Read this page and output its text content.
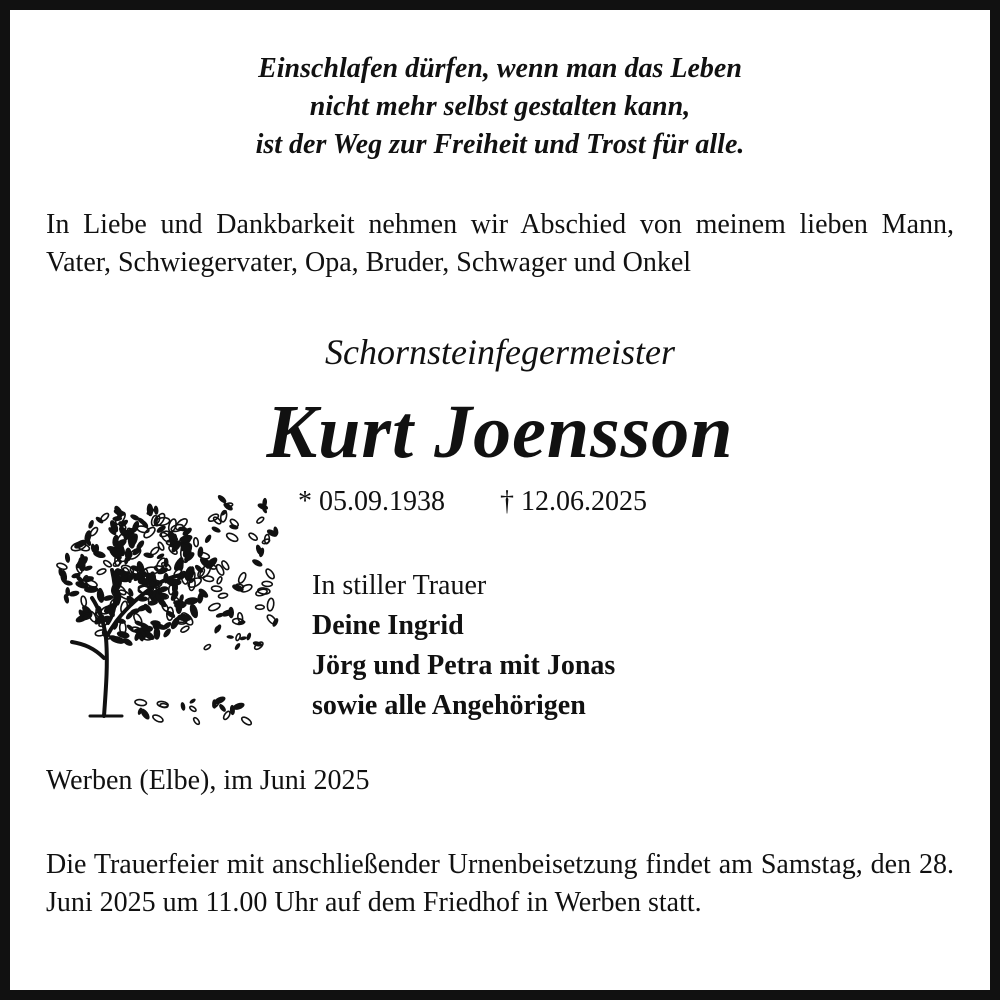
Einschlafen dürfen, wenn man das Leben
nicht mehr selbst gestalten kann,
ist der Weg zur Freiheit und Trost für alle.
In Liebe und Dankbarkeit nehmen wir Abschied von meinem lieben Mann, Vater, Schwiegervater, Opa, Bruder, Schwager und Onkel
Schornsteinfegermeister
Kurt Joensson
* 05.09.1938 † 12.06.2025
In stiller Trauer
Deine Ingrid
Jörg und Petra mit Jonas
sowie alle Angehörigen
Werben (Elbe), im Juni 2025
Die Trauerfeier mit anschließender Urnenbeisetzung findet am Samstag, den 28. Juni 2025 um 11.00 Uhr auf dem Friedhof in Werben statt.
